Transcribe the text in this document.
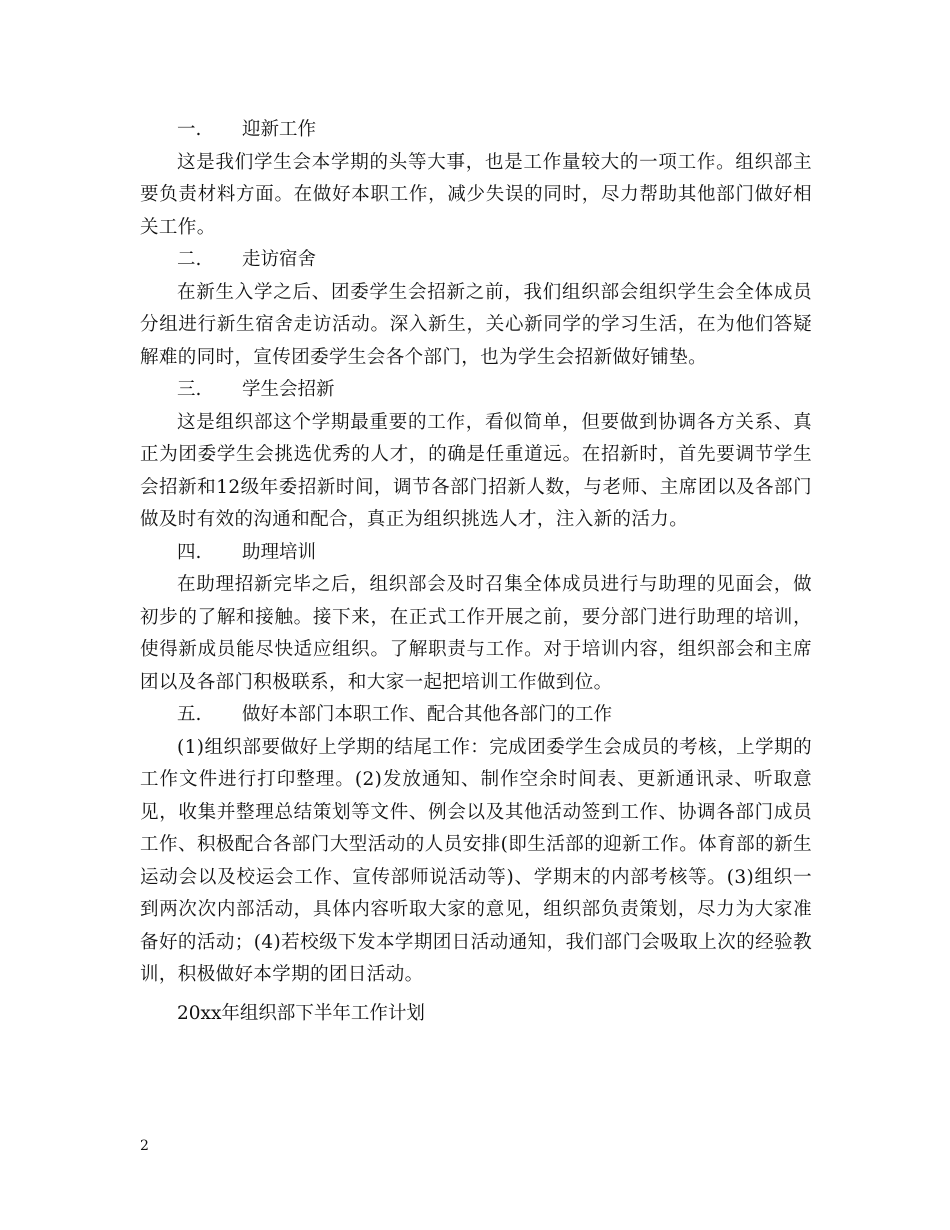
一.	迎新工作

这是我们学生会本学期的头等大事，也是工作量较大的一项工作。组织部主要负责材料方面。在做好本职工作，减少失误的同时，尽力帮助其他部门做好相关工作。

二.	走访宿舍

在新生入学之后、团委学生会招新之前，我们组织部会组织学生会全体成员分组进行新生宿舍走访活动。深入新生，关心新同学的学习生活，在为他们答疑解难的同时，宣传团委学生会各个部门，也为学生会招新做好铺垫。

三.	学生会招新

这是组织部这个学期最重要的工作，看似简单，但要做到协调各方关系、真正为团委学生会挑选优秀的人才，的确是任重道远。在招新时，首先要调节学生会招新和12级年委招新时间，调节各部门招新人数，与老师、主席团以及各部门做及时有效的沟通和配合，真正为组织挑选人才，注入新的活力。

四.	助理培训

在助理招新完毕之后，组织部会及时召集全体成员进行与助理的见面会，做初步的了解和接触。接下来，在正式工作开展之前，要分部门进行助理的培训，使得新成员能尽快适应组织。了解职责与工作。对于培训内容，组织部会和主席团以及各部门积极联系，和大家一起把培训工作做到位。

五.	做好本部门本职工作、配合其他各部门的工作

(1)组织部要做好上学期的结尾工作：完成团委学生会成员的考核，上学期的工作文件进行打印整理。(2)发放通知、制作空余时间表、更新通讯录、听取意见，收集并整理总结策划等文件、例会以及其他活动签到工作、协调各部门成员工作、积极配合各部门大型活动的人员安排(即生活部的迎新工作。体育部的新生运动会以及校运会工作、宣传部师说活动等)、学期末的内部考核等。(3)组织一到两次次内部活动，具体内容听取大家的意见，组织部负责策划，尽力为大家准备好的活动；(4)若校级下发本学期团日活动通知，我们部门会吸取上次的经验教训，积极做好本学期的团日活动。

20xx年组织部下半年工作计划

2
